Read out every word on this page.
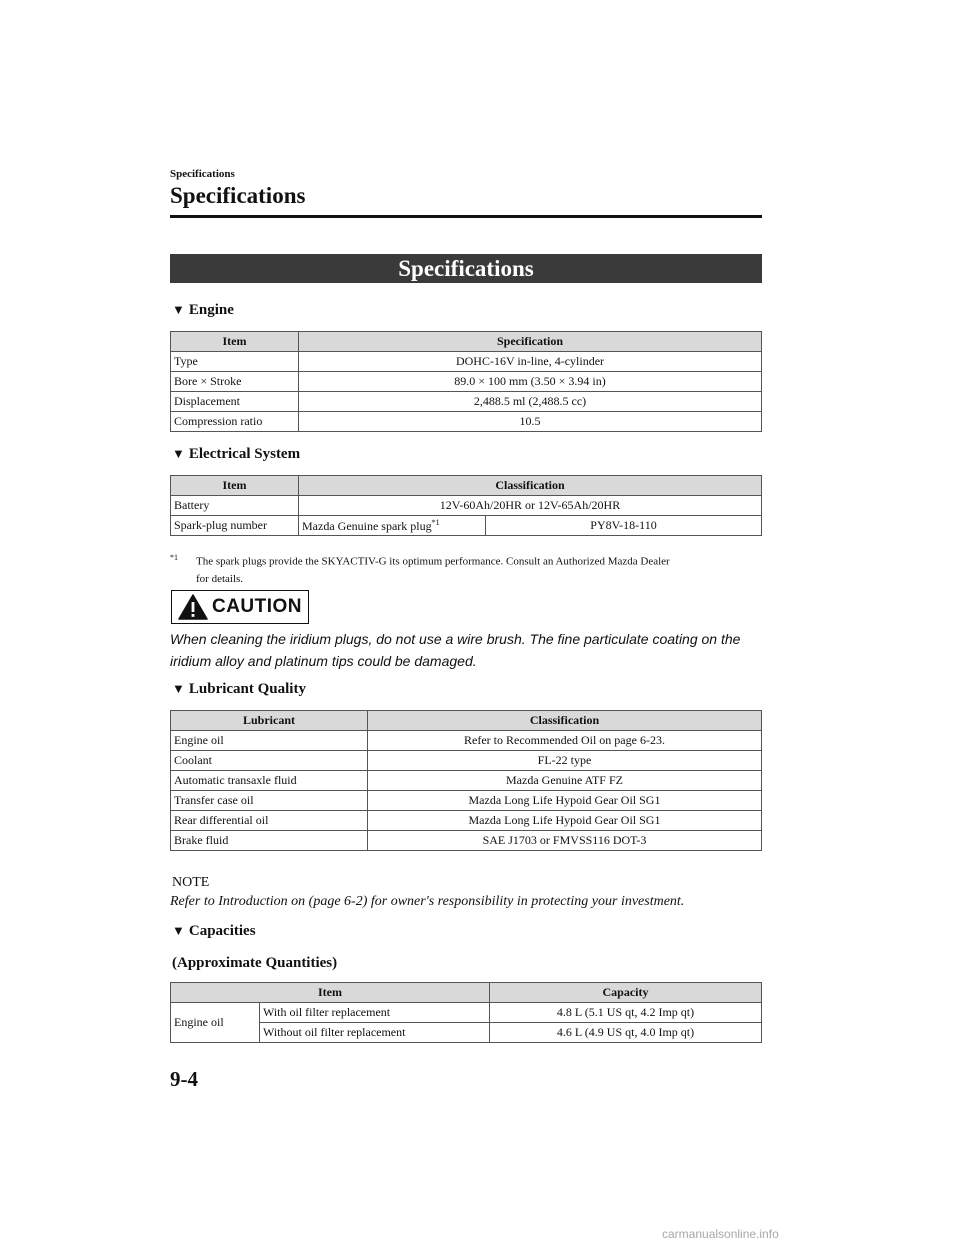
Specifications
Specifications
Specifications
▼ Engine
Item	Specification
Type	DOHC-16V in-line, 4-cylinder
Bore × Stroke	89.0 × 100 mm (3.50 × 3.94 in)
Displacement	2,488.5 ml (2,488.5 cc)
Compression ratio	10.5
▼ Electrical System
Item	Classification	
Battery	12V-60Ah/20HR or 12V-65Ah/20HR	
Spark-plug number	Mazda Genuine spark plug$^{*1}$	PY8V-18-110
$^{*1}$ The spark plugs provide the SKYACTIV-G its optimum performance. Consult an Authorized Mazda Dealer
for details.
CAUTION
When cleaning the iridium plugs, do not use a wire brush. The fine particulate coating on the iridium alloy and platinum tips could be damaged.
▼ Lubricant Quality
Lubricant	Classification
Engine oil	Refer to Recommended Oil on page 6-23.
Coolant	FL-22 type
Automatic transaxle fluid	Mazda Genuine ATF FZ
Transfer case oil	Mazda Long Life Hypoid Gear Oil SG1
Rear differential oil	Mazda Long Life Hypoid Gear Oil SG1
Brake fluid	SAE J1703 or FMVSS116 DOT-3
NOTE
Refer to Introduction on (page 6-2) for owner's responsibility in protecting your investment.
▼ Capacities
(Approximate Quantities)
Item		Capacity
Engine oil	With oil filter replacement	4.8 L (5.1 US qt, 4.2 Imp qt)
	Without oil filter replacement	4.6 L (4.9 US qt, 4.0 Imp qt)
9-4
carmanualsonline.info
